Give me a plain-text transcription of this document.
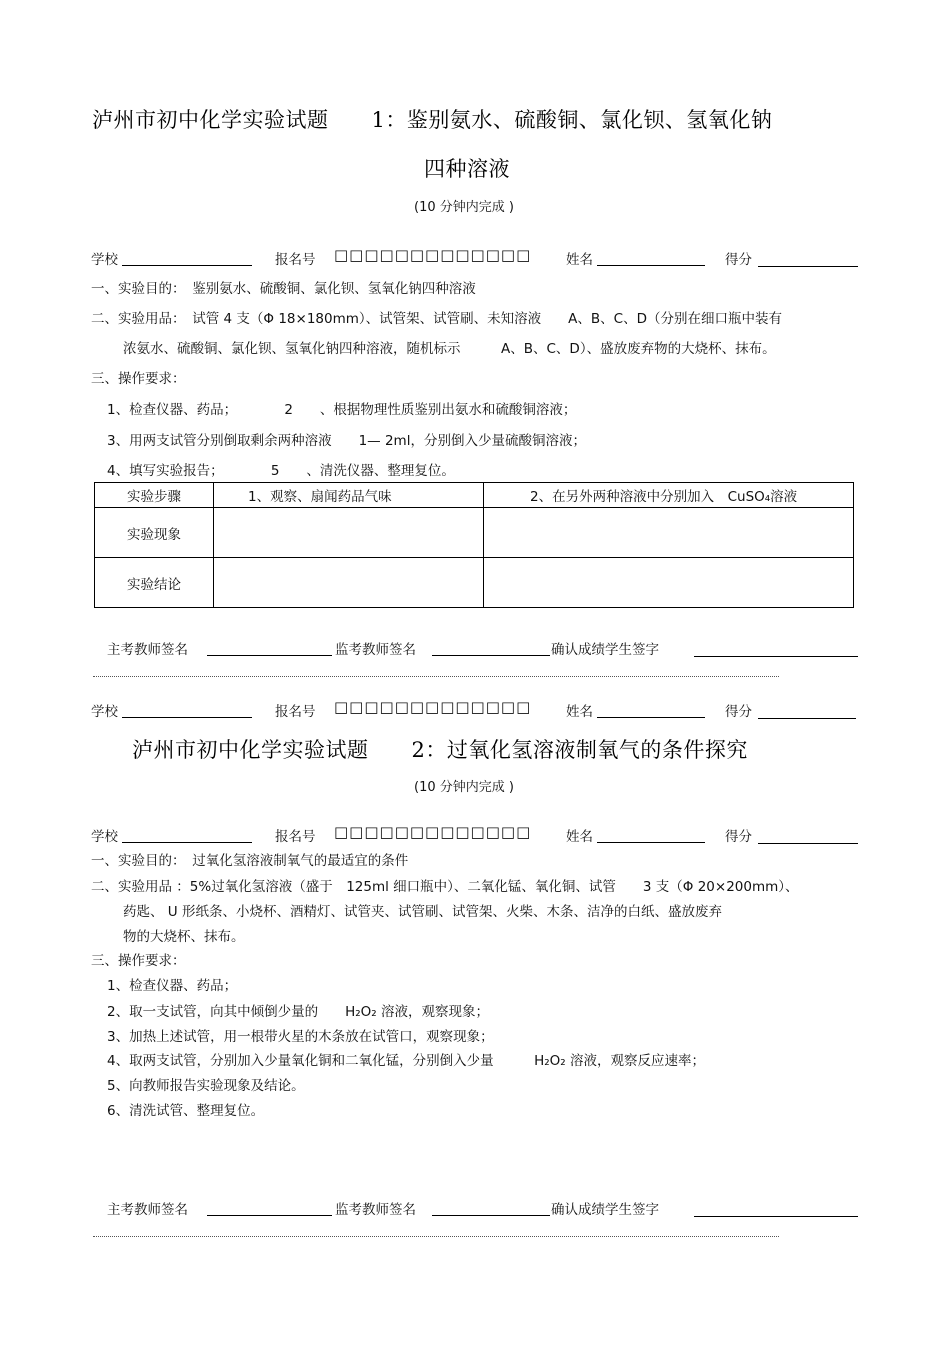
泸州市初中化学实验试题　　1：鉴别氨水、硫酸铜、氯化钡、氢氧化钠
四种溶液
(10 分钟内完成 )
学校	报名号 □□□□□□□□□□□□□	姓名	得分
一、实验目的：　鉴别氨水、硫酸铜、氯化钡、氢氧化钠四种溶液
二、实验用品：　试管 4 支（Φ 18×180mm）、试管架、试管刷、未知溶液　　A、B、C、D（分别在细口瓶中装有
浓氨水、硫酸铜、氯化钡、氢氧化钠四种溶液，随机标示　　　A、B、C、D）、盛放废弃物的大烧杯、抹布。
三、操作要求：
1、检查仪器、药品；　　　　2　　、根据物理性质鉴别出氨水和硫酸铜溶液；
3、用两支试管分别倒取剩余两种溶液　　1— 2ml，分别倒入少量硫酸铜溶液；
4、填写实验报告；　　　　5　　、清洗仪器、整理复位。
实验步骤	1、观察、扇闻药品气味	2、在另外两种溶液中分别加入　CuSO₄溶液
实验现象		
实验结论		
主考教师签名	监考教师签名	确认成绩学生签字
学校	报名号 □□□□□□□□□□□□□	姓名	得分
泸州市初中化学实验试题　　2：过氧化氢溶液制氧气的条件探究
(10 分钟内完成 )
学校	报名号 □□□□□□□□□□□□□	姓名	得分
一、实验目的：　过氧化氢溶液制氧气的最适宜的条件
二、实验用品 ：5%过氧化氢溶液（盛于　125ml 细口瓶中）、二氧化锰、氧化铜、试管　　3 支（Φ 20×200mm）、
药匙、 U 形纸条、小烧杯、酒精灯、试管夹、试管刷、试管架、火柴、木条、洁净的白纸、盛放废弃
物的大烧杯、抹布。
三、操作要求：
1、检查仪器、药品；
2、取一支试管，向其中倾倒少量的　　H₂O₂ 溶液，观察现象；
3、加热上述试管，用一根带火星的木条放在试管口，观察现象；
4、取两支试管，分别加入少量氧化铜和二氧化锰，分别倒入少量　　　H₂O₂ 溶液，观察反应速率；
5、向教师报告实验现象及结论。
6、清洗试管、整理复位。
主考教师签名	监考教师签名	确认成绩学生签字
